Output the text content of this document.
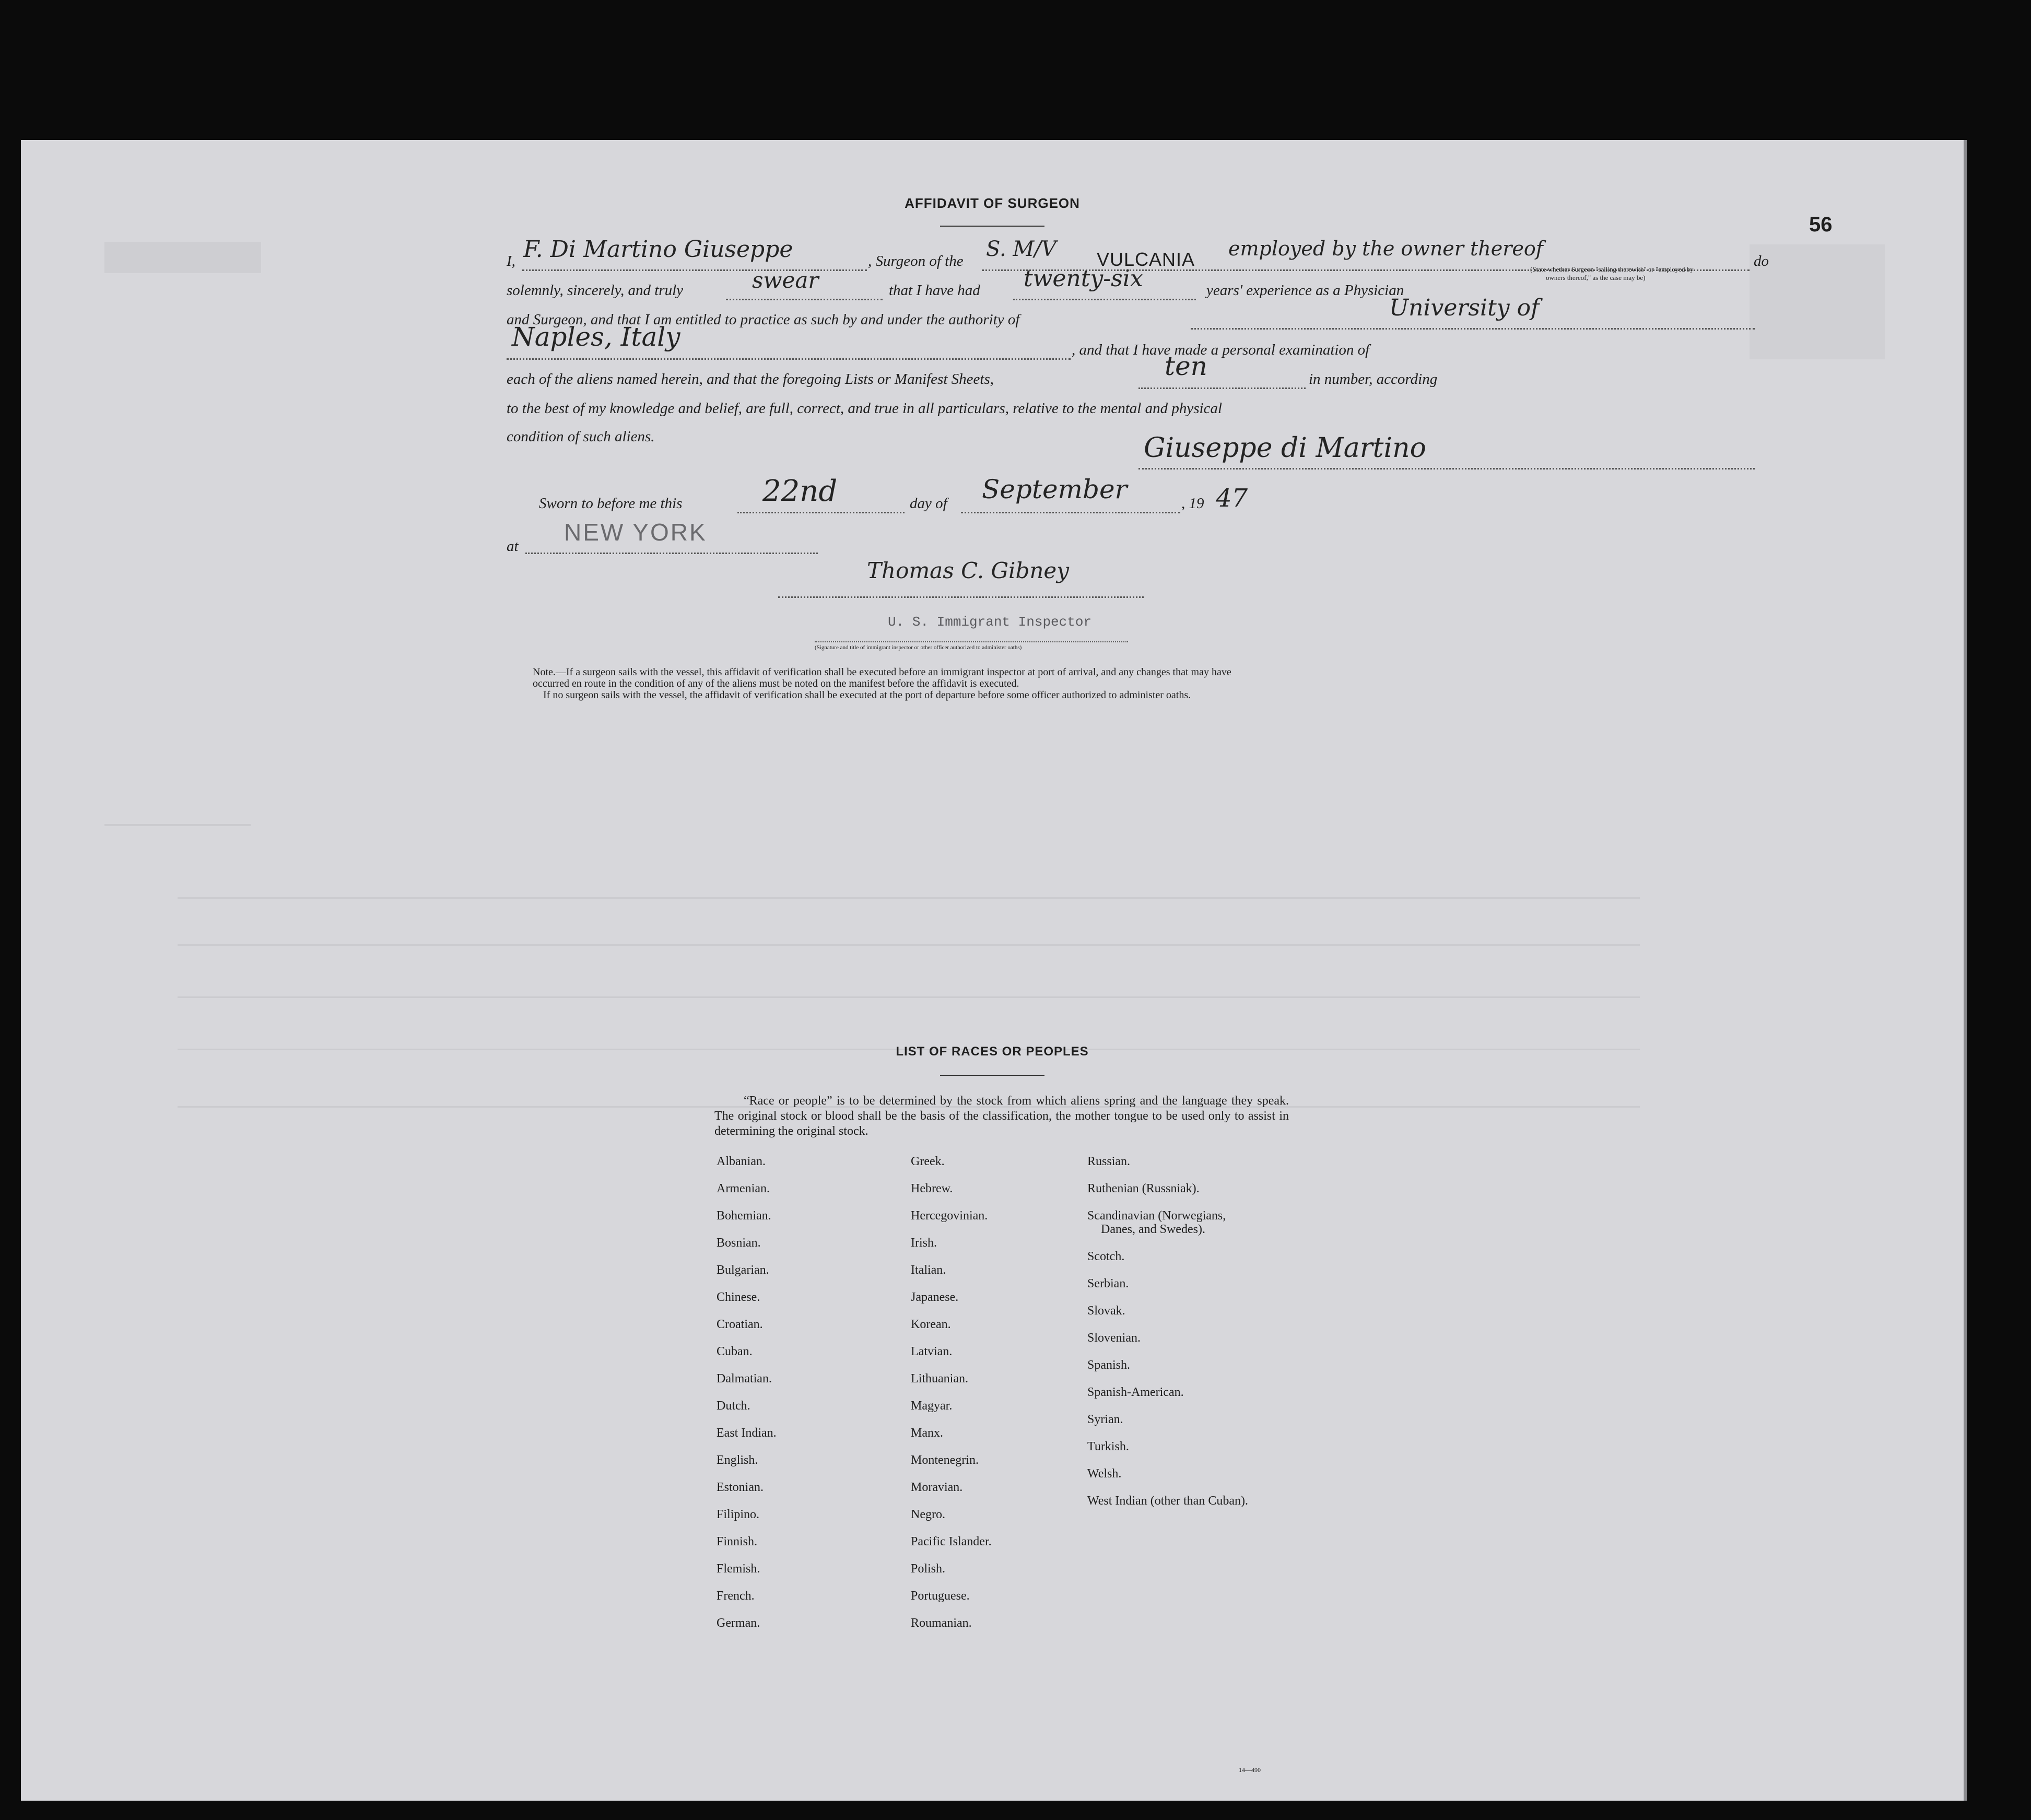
56
AFFIDAVIT OF SURGEON
I, F. Di Martino Giuseppe	, Surgeon of the S. M/V VULCANIA employed by the owner thereof
(State whether Surgeon "sailing therewith" or "employed by
owners thereof," as the case may be)
do
solemnly, sincerely, and truly	swear	that I have had twenty-six	years' experience as a Physician
and Surgeon, and that I am entitled to practice as such by and under the authority of	University of
Naples, Italy	, and that I have made a personal examination of
each of the aliens named herein, and that the foregoing Lists or Manifest Sheets,	ten	in number, according
to the best of my knowledge and belief, are full, correct, and true in all particulars, relative to the mental and physical
condition of such aliens.	Giuseppe di Martino
Sworn to before me this	22nd	day of September	, 19 47
at
NEW YORK
Thomas C. Gibney
U. S. Immigrant Inspector
(Signature and title of immigrant inspector or other officer authorized to administer oaths)
Note.—If a surgeon sails with the vessel, this affidavit of verification shall be executed before an immigrant inspector at port of arrival, and any changes that may have
occurred en route in the condition of any of the aliens must be noted on the manifest before the affidavit is executed.
If no surgeon sails with the vessel, the affidavit of verification shall be executed at the port of departure before some officer authorized to administer oaths.
LIST OF RACES OR PEOPLES
“Race or people” is to be determined by the stock from which aliens spring and the language they speak. The original stock or blood shall be the basis of the classification, the mother tongue to be used only to assist in determining the original stock.
Albanian.
Armenian.
Bohemian.
Bosnian.
Bulgarian.
Chinese.
Croatian.
Cuban.
Dalmatian.
Dutch.
East Indian.
English.
Estonian.
Filipino.
Finnish.
Flemish.
French.
German.
Greek.
Hebrew.
Hercegovinian.
Irish.
Italian.
Japanese.
Korean.
Latvian.
Lithuanian.
Magyar.
Manx.
Montenegrin.
Moravian.
Negro.
Pacific Islander.
Polish.
Portuguese.
Roumanian.
Russian.
Ruthenian (Russniak).
Scandinavian (Norwegians, Danes, and Swedes).
Scotch.
Serbian.
Slovak.
Slovenian.
Spanish.
Spanish-American.
Syrian.
Turkish.
Welsh.
West Indian (other than Cuban).
14—490
